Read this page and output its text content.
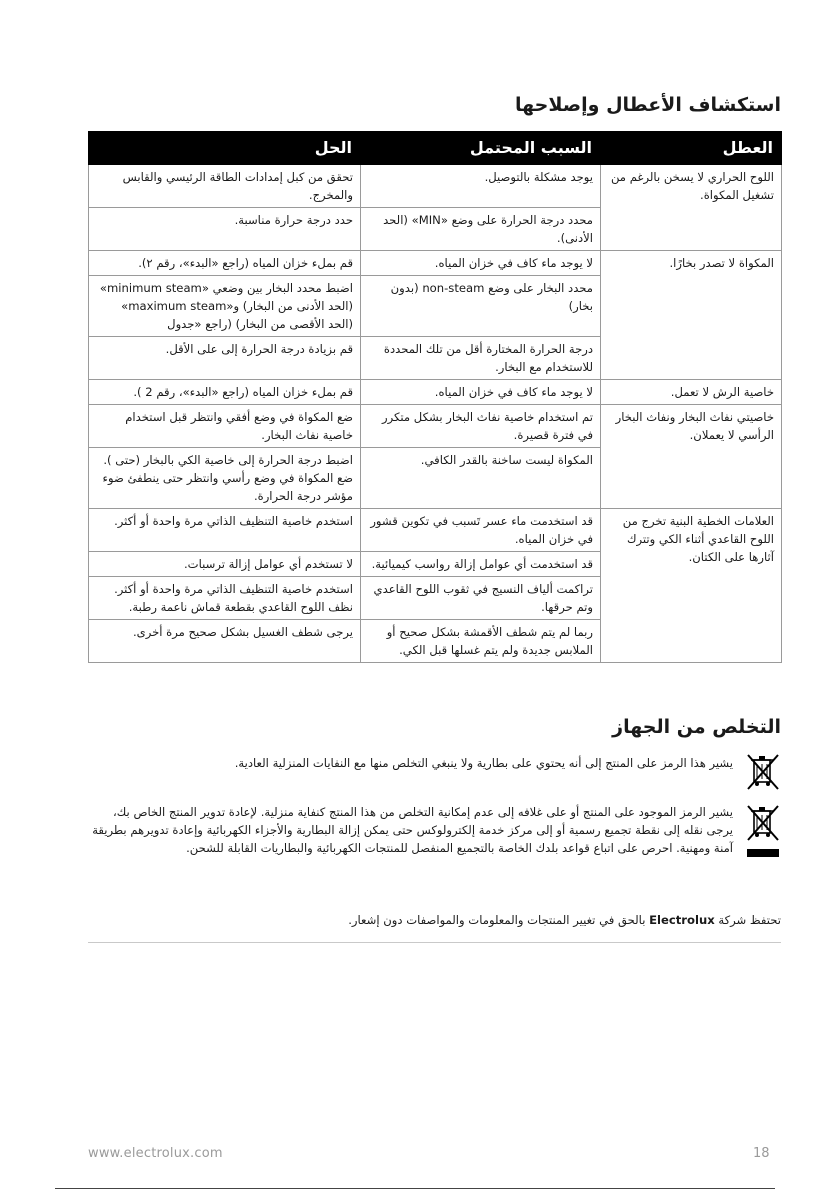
استكشاف الأعطال وإصلاحها
العطل	السبب المحتمل	الحل
اللوح الحراري لا يسخن بالرغم من تشغيل المكواة.	يوجد مشكلة بالتوصيل.	تحقق من كبل إمدادات الطاقة الرئيسي والقابس والمخرج.
	محدد درجة الحرارة على وضع «MIN» (الحد الأدنى).	حدد درجة حرارة مناسبة.
المكواة لا تصدر بخارًا.	لا يوجد ماء كاف في خزان المياه.	قم بملء خزان المياه (راجع «البدء»، رقم ٢).
	محدد البخار على وضع non-steam (بدون بخار)	اضبط محدد البخار بين وضعي «minimum steam» (الحد الأدنى من البخار) و«maximum steam» (الحد الأقصى من البخار) (راجع «جدول
	درجة الحرارة المختارة أقل من تلك المحددة للاستخدام مع البخار.	قم بزيادة درجة الحرارة إلى على الأقل.
خاصية الرش لا تعمل.	لا يوجد ماء كاف في خزان المياه.	قم بملء خزان المياه (راجع «البدء»، رقم 2 ).
خاصيتي نفاث البخار ونفاث البخار الرأسي لا يعملان.	تم استخدام خاصية نفاث البخار بشكل متكرر في فترة قصيرة.	ضع المكواة في وضع أفقي وانتظر قبل استخدام خاصية نفاث البخار.
	المكواة ليست ساخنة بالقدر الكافي.	اضبط درجة الحرارة إلى خاصية الكي بالبخار (حتى ). ضع المكواة في وضع رأسي وانتظر حتى ينطفئ ضوء مؤشر درجة الحرارة.
العلامات الخطية البنية تخرج من اللوح القاعدي أثناء الكي وتترك آثارها على الكتان.	قد استخدمت ماء عسر تَسبب في تكوين قشور في خزان المياه.	استخدم خاصية التنظيف الذاتي مرة واحدة أو أكثر.
	قد استخدمت أي عوامل إزالة رواسب كيميائية.	لا تستخدم أي عوامل إزالة ترسبات.
	تراكمت ألياف النسيج في ثقوب اللوح القاعدي وتم حرقها.	استخدم خاصية التنظيف الذاتي مرة واحدة أو أكثر. نظف اللوح القاعدي بقطعة قماش ناعمة رطبة.
	ربما لم يتم شطف الأقمشة بشكل صحيح أو الملابس جديدة ولم يتم غسلها قبل الكي.	يرجى شطف الغسيل بشكل صحيح مرة أخرى.
التخلص من الجهاز
يشير هذا الرمز على المنتج إلى أنه يحتوي على بطارية ولا ينبغي التخلص منها مع النفايات المنزلية العادية.
يشير الرمز الموجود على المنتج أو على غلافه إلى عدم إمكانية التخلص من هذا المنتج كنفاية منزلية. لإعادة تدوير المنتج الخاص بك، يرجى نقله إلى نقطة تجميع رسمية أو إلى مركز خدمة إلكترولوكس حتى يمكن إزالة البطارية والأجزاء الكهربائية وإعادة تدويرهم بطريقة آمنة ومهنية. احرص على اتباع قواعد بلدك الخاصة بالتجميع المنفصل للمنتجات الكهربائية والبطاريات القابلة للشحن.
تحتفظ شركة Electrolux بالحق في تغيير المنتجات والمعلومات والمواصفات دون إشعار.
www.electrolux.com	18
